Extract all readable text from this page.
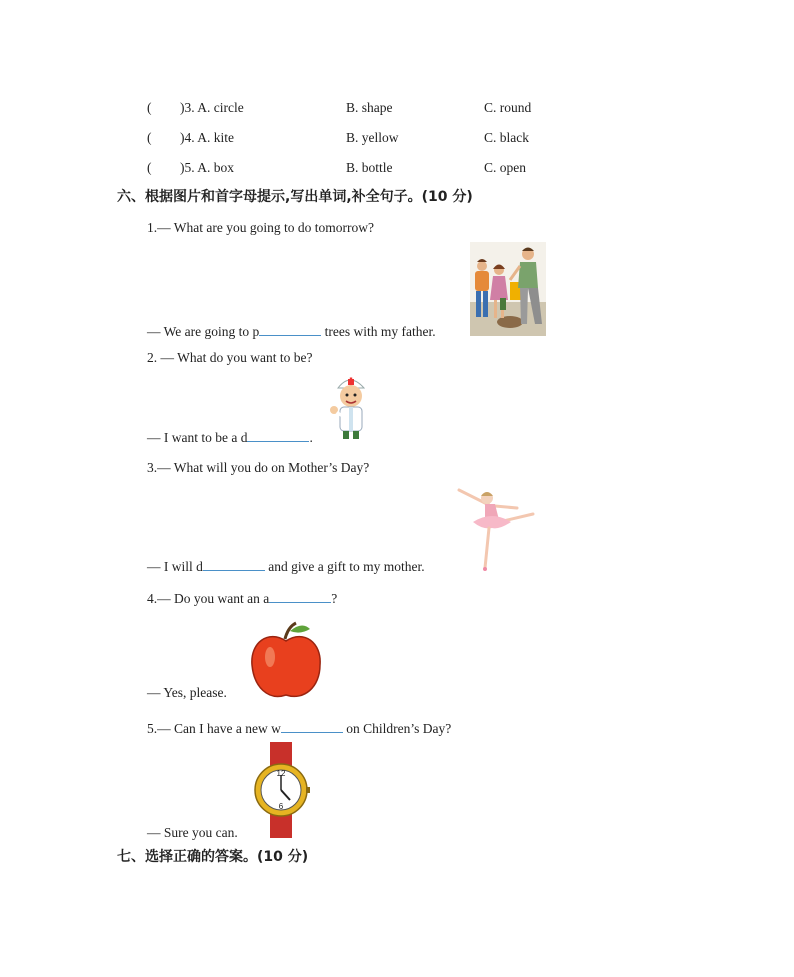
( )3. A. circle	B. shape	C. round
( )4. A. kite	B. yellow	C. black
( )5. A. box	B. bottle	C. open
六、根据图片和首字母提示,写出单词,补全句子。(10 分)
1.— What are you going to do tomorrow?
— We are going to p	trees with my father.
2. — What do you want to be?
— I want to be a d	.
3.— What will you do on Mother’s Day?
— I will d	and give a gift to my mother.
4.— Do you want an a	?
— Yes, please.
5.— Can I have a new w	on Children’s Day?
— Sure you can.
12
6
七、选择正确的答案。(10 分)
